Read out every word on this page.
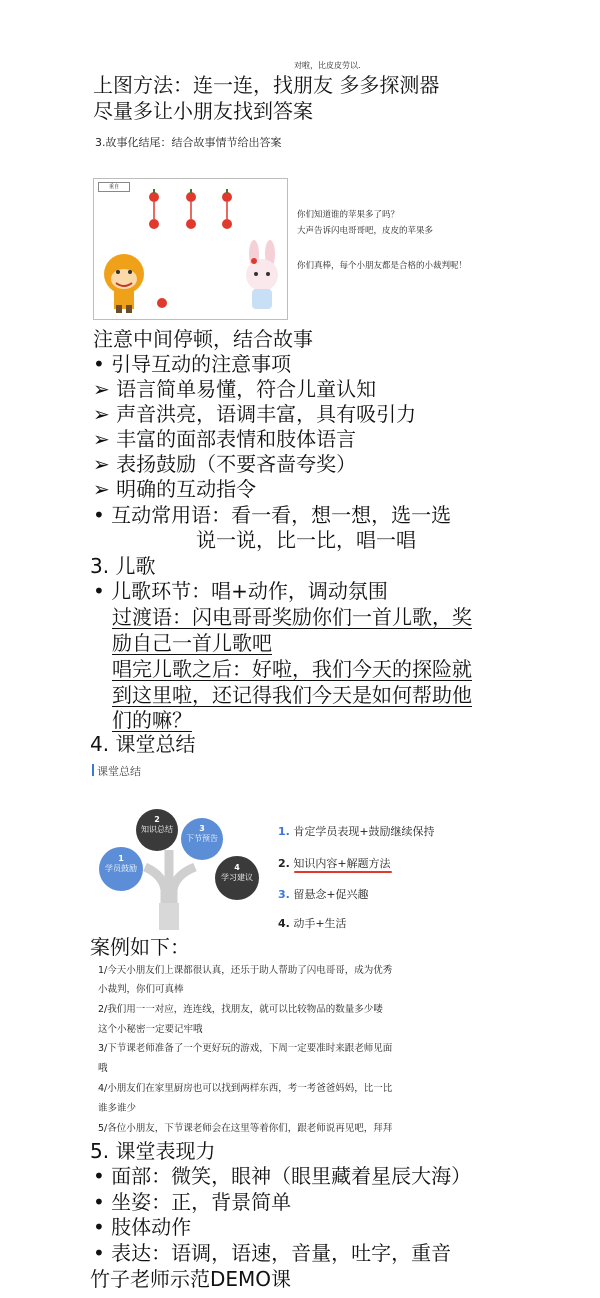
对啦，比皮皮劳以.
上图方法：连一连，找朋友 多多探测器
尽量多让小朋友找到答案
3.故事化结尾：结合故事情节给出答案
重自
你们知道谁的苹果多了吗？
大声告诉闪电哥哥吧，皮皮的苹果多
你们真棒，每个小朋友都是合格的小裁判呢！
注意中间停顿，结合故事
• 引导互动的注意事项
➢ 语言简单易懂，符合儿童认知
➢ 声音洪亮，语调丰富，具有吸引力
➢ 丰富的面部表情和肢体语言
➢ 表扬鼓励（不要吝啬夸奖）
➢ 明确的互动指令
• 互动常用语：看一看，想一想，选一选
说一说，比一比，唱一唱
3. 儿歌
• 儿歌环节：唱+动作，调动氛围
过渡语：闪电哥哥奖励你们一首儿歌，奖
励自己一首儿歌吧
唱完儿歌之后：好啦，我们今天的探险就
到这里啦，还记得我们今天是如何帮助他
们的嘛？
4. 课堂总结
课堂总结
2
知识总结	3
下节预告
1
学员鼓励	4
学习建议
1. 肯定学员表现+鼓励继续保持
2. 知识内容+解题方法
3. 留悬念+促兴趣
4. 动手+生活
案例如下：
1/今天小朋友们上课都很认真，还乐于助人帮助了闪电哥哥，成为优秀
小裁判，你们可真棒
2/我们用一一对应，连连线，找朋友，就可以比较物品的数量多少喽
这个小秘密一定要记牢哦
3/下节课老师准备了一个更好玩的游戏，下周一定要准时来跟老师见面
哦
4/小朋友们在家里厨房也可以找到两样东西，考一考爸爸妈妈，比一比
谁多谁少
5/各位小朋友，下节课老师会在这里等着你们，跟老师说再见吧，拜拜
5. 课堂表现力
• 面部：微笑，眼神（眼里藏着星辰大海）
• 坐姿：正，背景简单
• 肢体动作
• 表达：语调，语速，音量，吐字，重音
竹子老师示范DEMO课
